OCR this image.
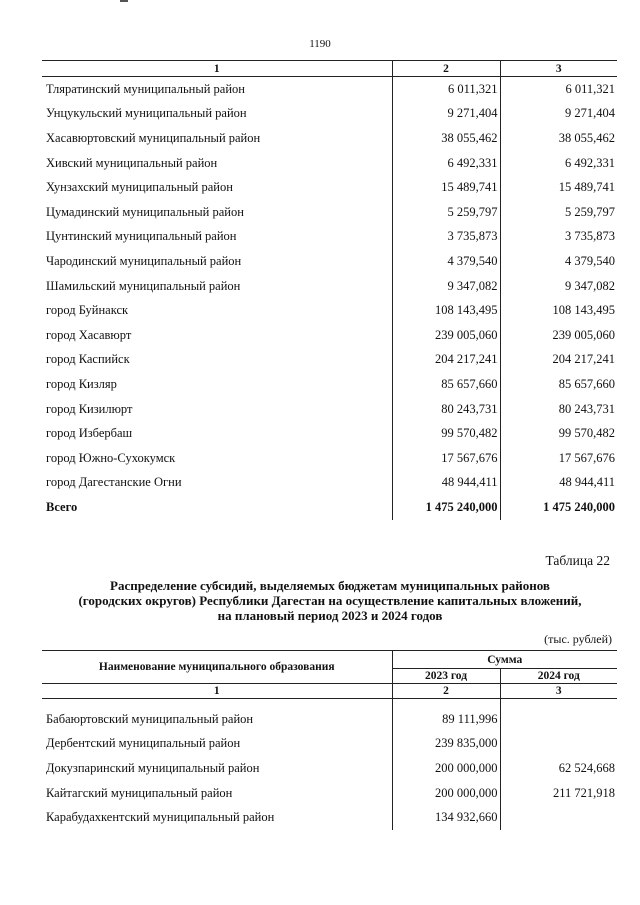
1190
1	2	3
Тляратинский муниципальный район	6 011,321	6 011,321
Унцукульский муниципальный район	9 271,404	9 271,404
Хасавюртовский муниципальный район	38 055,462	38 055,462
Хивский муниципальный район	6 492,331	6 492,331
Хунзахский муниципальный район	15 489,741	15 489,741
Цумадинский муниципальный район	5 259,797	5 259,797
Цунтинский муниципальный район	3 735,873	3 735,873
Чародинский муниципальный район	4 379,540	4 379,540
Шамильский муниципальный район	9 347,082	9 347,082
город Буйнакск	108 143,495	108 143,495
город Хасавюрт	239 005,060	239 005,060
город Каспийск	204 217,241	204 217,241
город Кизляр	85 657,660	85 657,660
город Кизилюрт	80 243,731	80 243,731
город Избербаш	99 570,482	99 570,482
город Южно-Сухокумск	17 567,676	17 567,676
город Дагестанские Огни	48 944,411	48 944,411
Всего	1 475 240,000	1 475 240,000
Таблица 22
Распределение субсидий, выделяемых бюджетам муниципальных районов
(городских округов) Республики Дагестан на осуществление капитальных вложений,
на плановый период 2023 и 2024 годов
(тыс. рублей)
Наименование муниципального образования	Сумма	
	2023 год	2024 год
1	2	3
Бабаюртовский муниципальный район	89 111,996	
Дербентский муниципальный район	239 835,000	
Докузпаринский муниципальный район	200 000,000	62 524,668
Кайтагский муниципальный район	200 000,000	211 721,918
Карабудахкентский муниципальный район	134 932,660	
